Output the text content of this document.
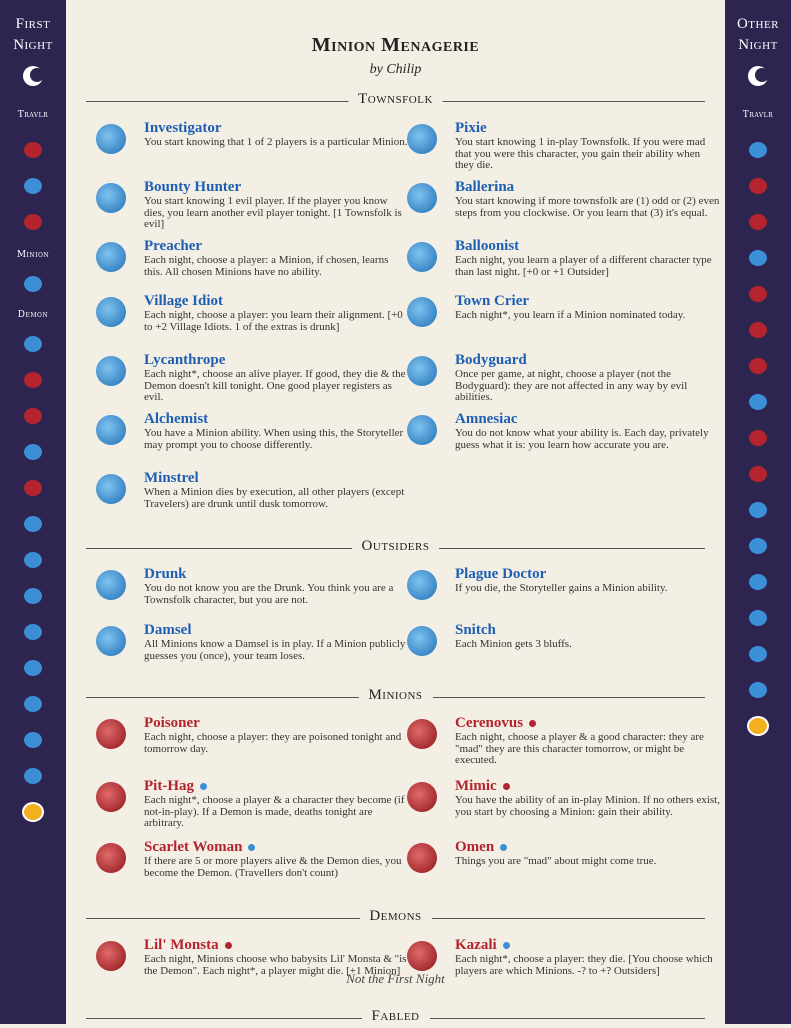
First
Night
Travlr
Minion
Demon
Other
Night
Travlr
Minion Menagerie
by Chilip
Townsfolk
Investigator
You start knowing that 1 of 2 players is a particular Minion.
Pixie
You start knowing 1 in-play Townsfolk. If you were mad that you were this character, you gain their ability when they die.
Bounty Hunter
You start knowing 1 evil player. If the player you know dies, you learn another evil player tonight. [1 Townsfolk is evil]
Ballerina
You start knowing if more townsfolk are (1) odd or (2) even steps from you clockwise. Or you learn that (3) it's equal.
Preacher
Each night, choose a player: a Minion, if chosen, learns this. All chosen Minions have no ability.
Balloonist
Each night, you learn a player of a different character type than last night. [+0 or +1 Outsider]
Village Idiot
Each night, choose a player: you learn their alignment. [+0 to +2 Village Idiots. 1 of the extras is drunk]
Town Crier
Each night*, you learn if a Minion nominated today.
Lycanthrope
Each night*, choose an alive player. If good, they die & the Demon doesn't kill tonight. One good player registers as evil.
Bodyguard
Once per game, at night, choose a player (not the Bodyguard): they are not affected in any way by evil abilities.
Alchemist
You have a Minion ability. When using this, the Storyteller may prompt you to choose differently.
Amnesiac
You do not know what your ability is. Each day, privately guess what it is: you learn how accurate you are.
Minstrel
When a Minion dies by execution, all other players (except Travelers) are drunk until dusk tomorrow.
Outsiders
Drunk
You do not know you are the Drunk. You think you are a Townsfolk character, but you are not.
Plague Doctor
If you die, the Storyteller gains a Minion ability.
Damsel
All Minions know a Damsel is in play. If a Minion publicly guesses you (once), your team loses.
Snitch
Each Minion gets 3 bluffs.
Minions
Poisoner
Each night, choose a player: they are poisoned tonight and tomorrow day.
Cerenovus
Each night, choose a player & a good character: they are "mad" they are this character tomorrow, or might be executed.
Pit-Hag
Each night*, choose a player & a character they become (if not-in-play). If a Demon is made, deaths tonight are arbitrary.
Mimic
You have the ability of an in-play Minion. If no others exist, you start by choosing a Minion: gain their ability.
Scarlet Woman
If there are 5 or more players alive & the Demon dies, you become the Demon. (Travellers don't count)
Omen
Things you are "mad" about might come true.
Demons
Lil' Monsta
Each night, Minions choose who babysits Lil' Monsta & "is the Demon". Each night*, a player might die. [+1 Minion]
Kazali
Each night*, choose a player: they die. [You choose which players are which Minions. -? to +? Outsiders]
Not the First Night
Fabled
